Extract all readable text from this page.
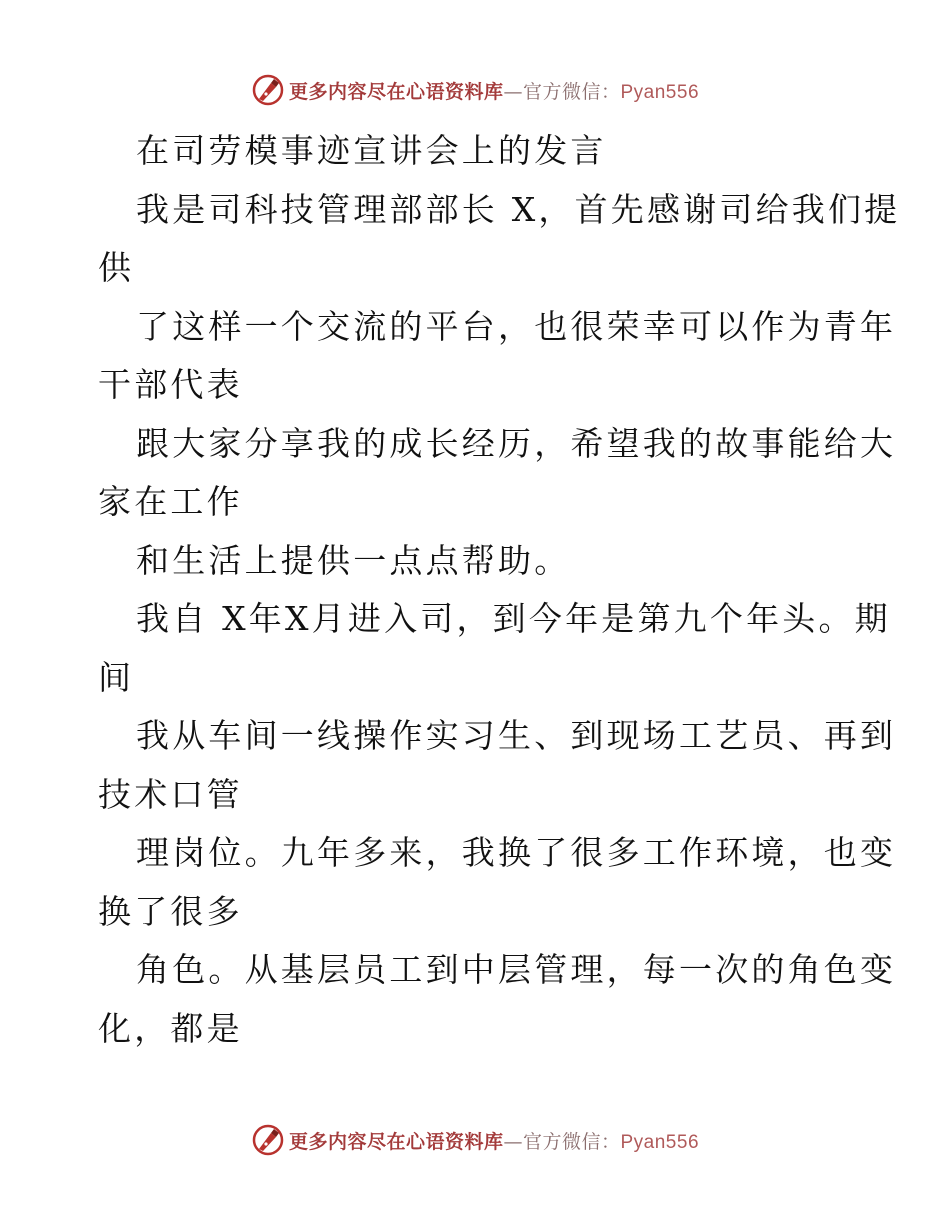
更多内容尽在心语资料库—官方微信：Pyan556
在司劳模事迹宣讲会上的发言
我是司科技管理部部长 X，首先感谢司给我们提
供
了这样一个交流的平台，也很荣幸可以作为青年
干部代表
跟大家分享我的成长经历，希望我的故事能给大
家在工作
和生活上提供一点点帮助。
我自 X年X月进入司，到今年是第九个年头。期
间
我从车间一线操作实习生、到现场工艺员、再到
技术口管
理岗位。九年多来，我换了很多工作环境，也变
换了很多
角色。从基层员工到中层管理，每一次的角色变
化，都是
更多内容尽在心语资料库—官方微信：Pyan556
